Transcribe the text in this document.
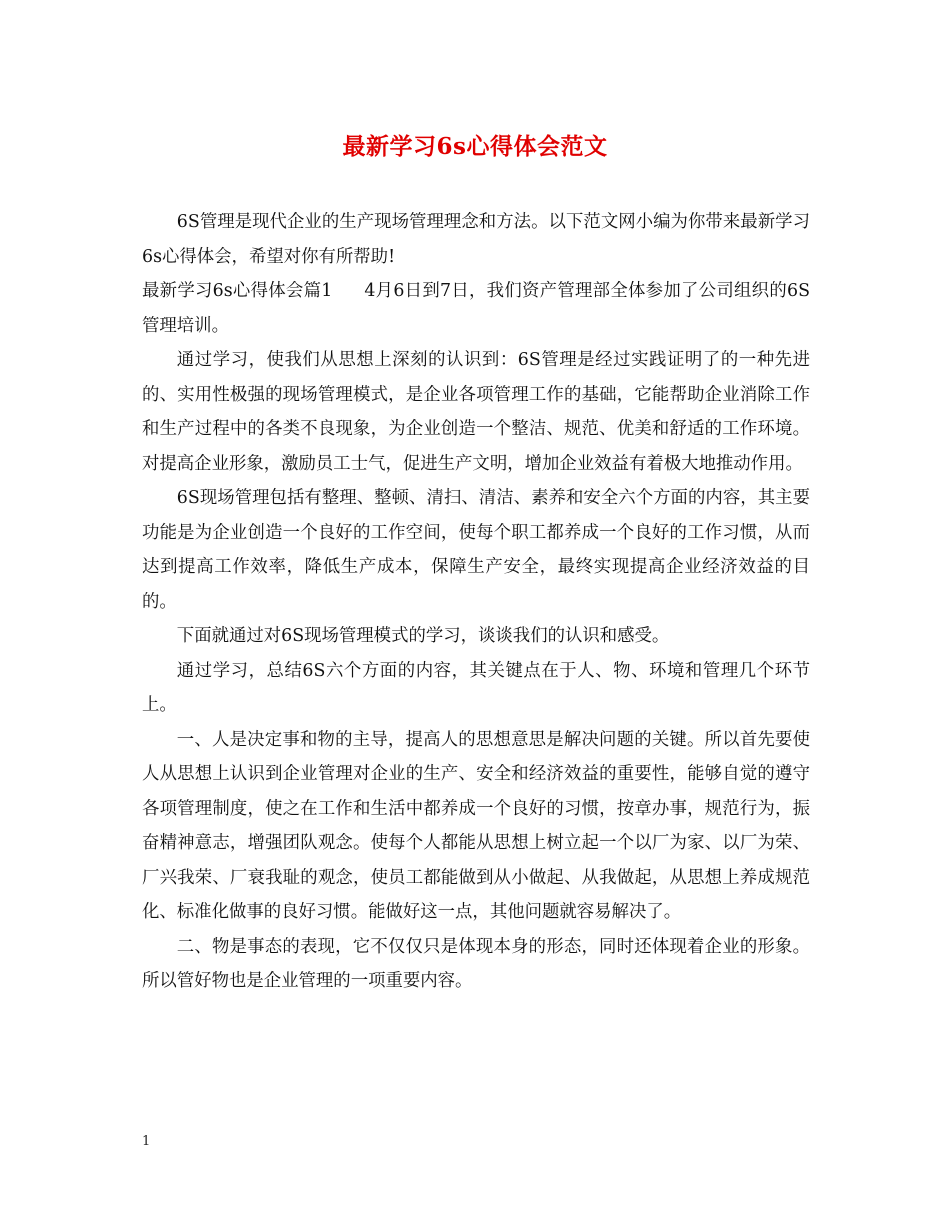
最新学习6s心得体会范文

6S管理是现代企业的生产现场管理理念和方法。以下范文网小编为你带来最新学习6s心得体会，希望对你有所帮助!

最新学习6s心得体会篇1 4月6日到7日，我们资产管理部全体参加了公司组织的6S管理培训。

通过学习，使我们从思想上深刻的认识到：6S管理是经过实践证明了的一种先进的、实用性极强的现场管理模式，是企业各项管理工作的基础，它能帮助企业消除工作和生产过程中的各类不良现象，为企业创造一个整洁、规范、优美和舒适的工作环境。对提高企业形象，激励员工士气，促进生产文明，增加企业效益有着极大地推动作用。

6S现场管理包括有整理、整顿、清扫、清洁、素养和安全六个方面的内容，其主要功能是为企业创造一个良好的工作空间，使每个职工都养成一个良好的工作习惯，从而达到提高工作效率，降低生产成本，保障生产安全，最终实现提高企业经济效益的目的。

下面就通过对6S现场管理模式的学习，谈谈我们的认识和感受。

通过学习，总结6S六个方面的内容，其关键点在于人、物、环境和管理几个环节上。

一、人是决定事和物的主导，提高人的思想意思是解决问题的关键。所以首先要使人从思想上认识到企业管理对企业的生产、安全和经济效益的重要性，能够自觉的遵守各项管理制度，使之在工作和生活中都养成一个良好的习惯，按章办事，规范行为，振奋精神意志，增强团队观念。使每个人都能从思想上树立起一个以厂为家、以厂为荣、厂兴我荣、厂衰我耻的观念，使员工都能做到从小做起、从我做起，从思想上养成规范化、标准化做事的良好习惯。能做好这一点，其他问题就容易解决了。

二、物是事态的表现，它不仅仅只是体现本身的形态，同时还体现着企业的形象。所以管好物也是企业管理的一项重要内容。

1
